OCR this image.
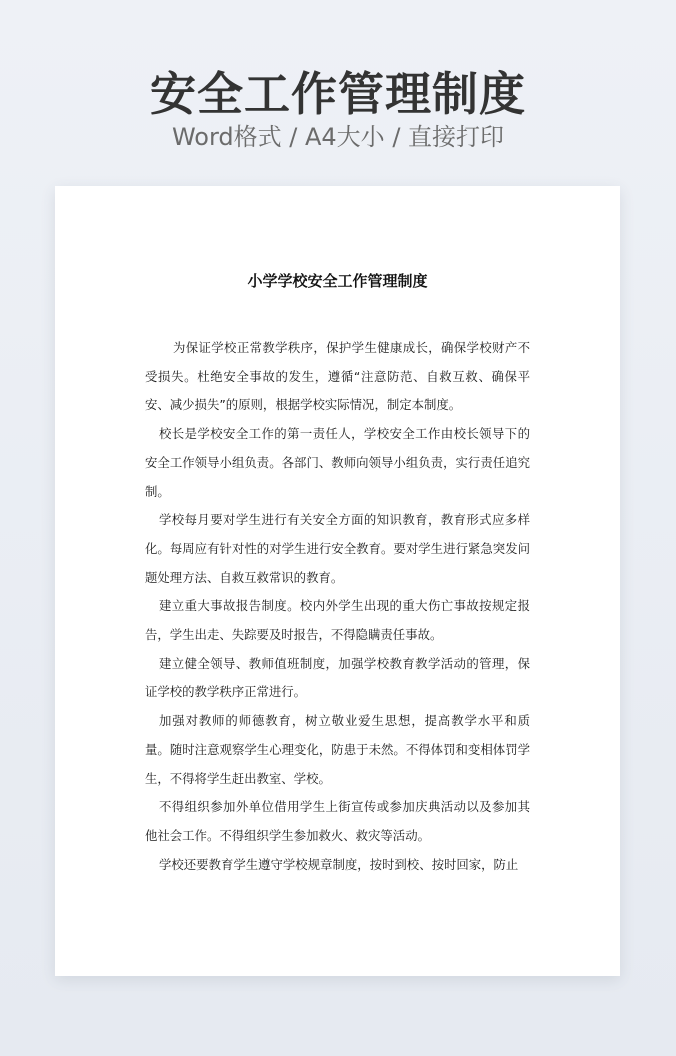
安全工作管理制度
Word格式 / A4大小 / 直接打印
小学学校安全工作管理制度

为保证学校正常教学秩序，保护学生健康成长，确保学校财产不受损失。杜绝安全事故的发生，遵循“注意防范、自救互救、确保平安、减少损失”的原则，根据学校实际情况，制定本制度。

校长是学校安全工作的第一责任人，学校安全工作由校长领导下的安全工作领导小组负责。各部门、教师向领导小组负责，实行责任追究制。

学校每月要对学生进行有关安全方面的知识教育，教育形式应多样化。每周应有针对性的对学生进行安全教育。要对学生进行紧急突发问题处理方法、自救互救常识的教育。

建立重大事故报告制度。校内外学生出现的重大伤亡事故按规定报告，学生出走、失踪要及时报告，不得隐瞒责任事故。

建立健全领导、教师值班制度，加强学校教育教学活动的管理，保证学校的教学秩序正常进行。

加强对教师的师德教育，树立敬业爱生思想，提高教学水平和质量。随时注意观察学生心理变化，防患于未然。不得体罚和变相体罚学生，不得将学生赶出教室、学校。

不得组织参加外单位借用学生上街宣传或参加庆典活动以及参加其他社会工作。不得组织学生参加救火、救灾等活动。

学校还要教育学生遵守学校规章制度，按时到校、按时回家，防止
